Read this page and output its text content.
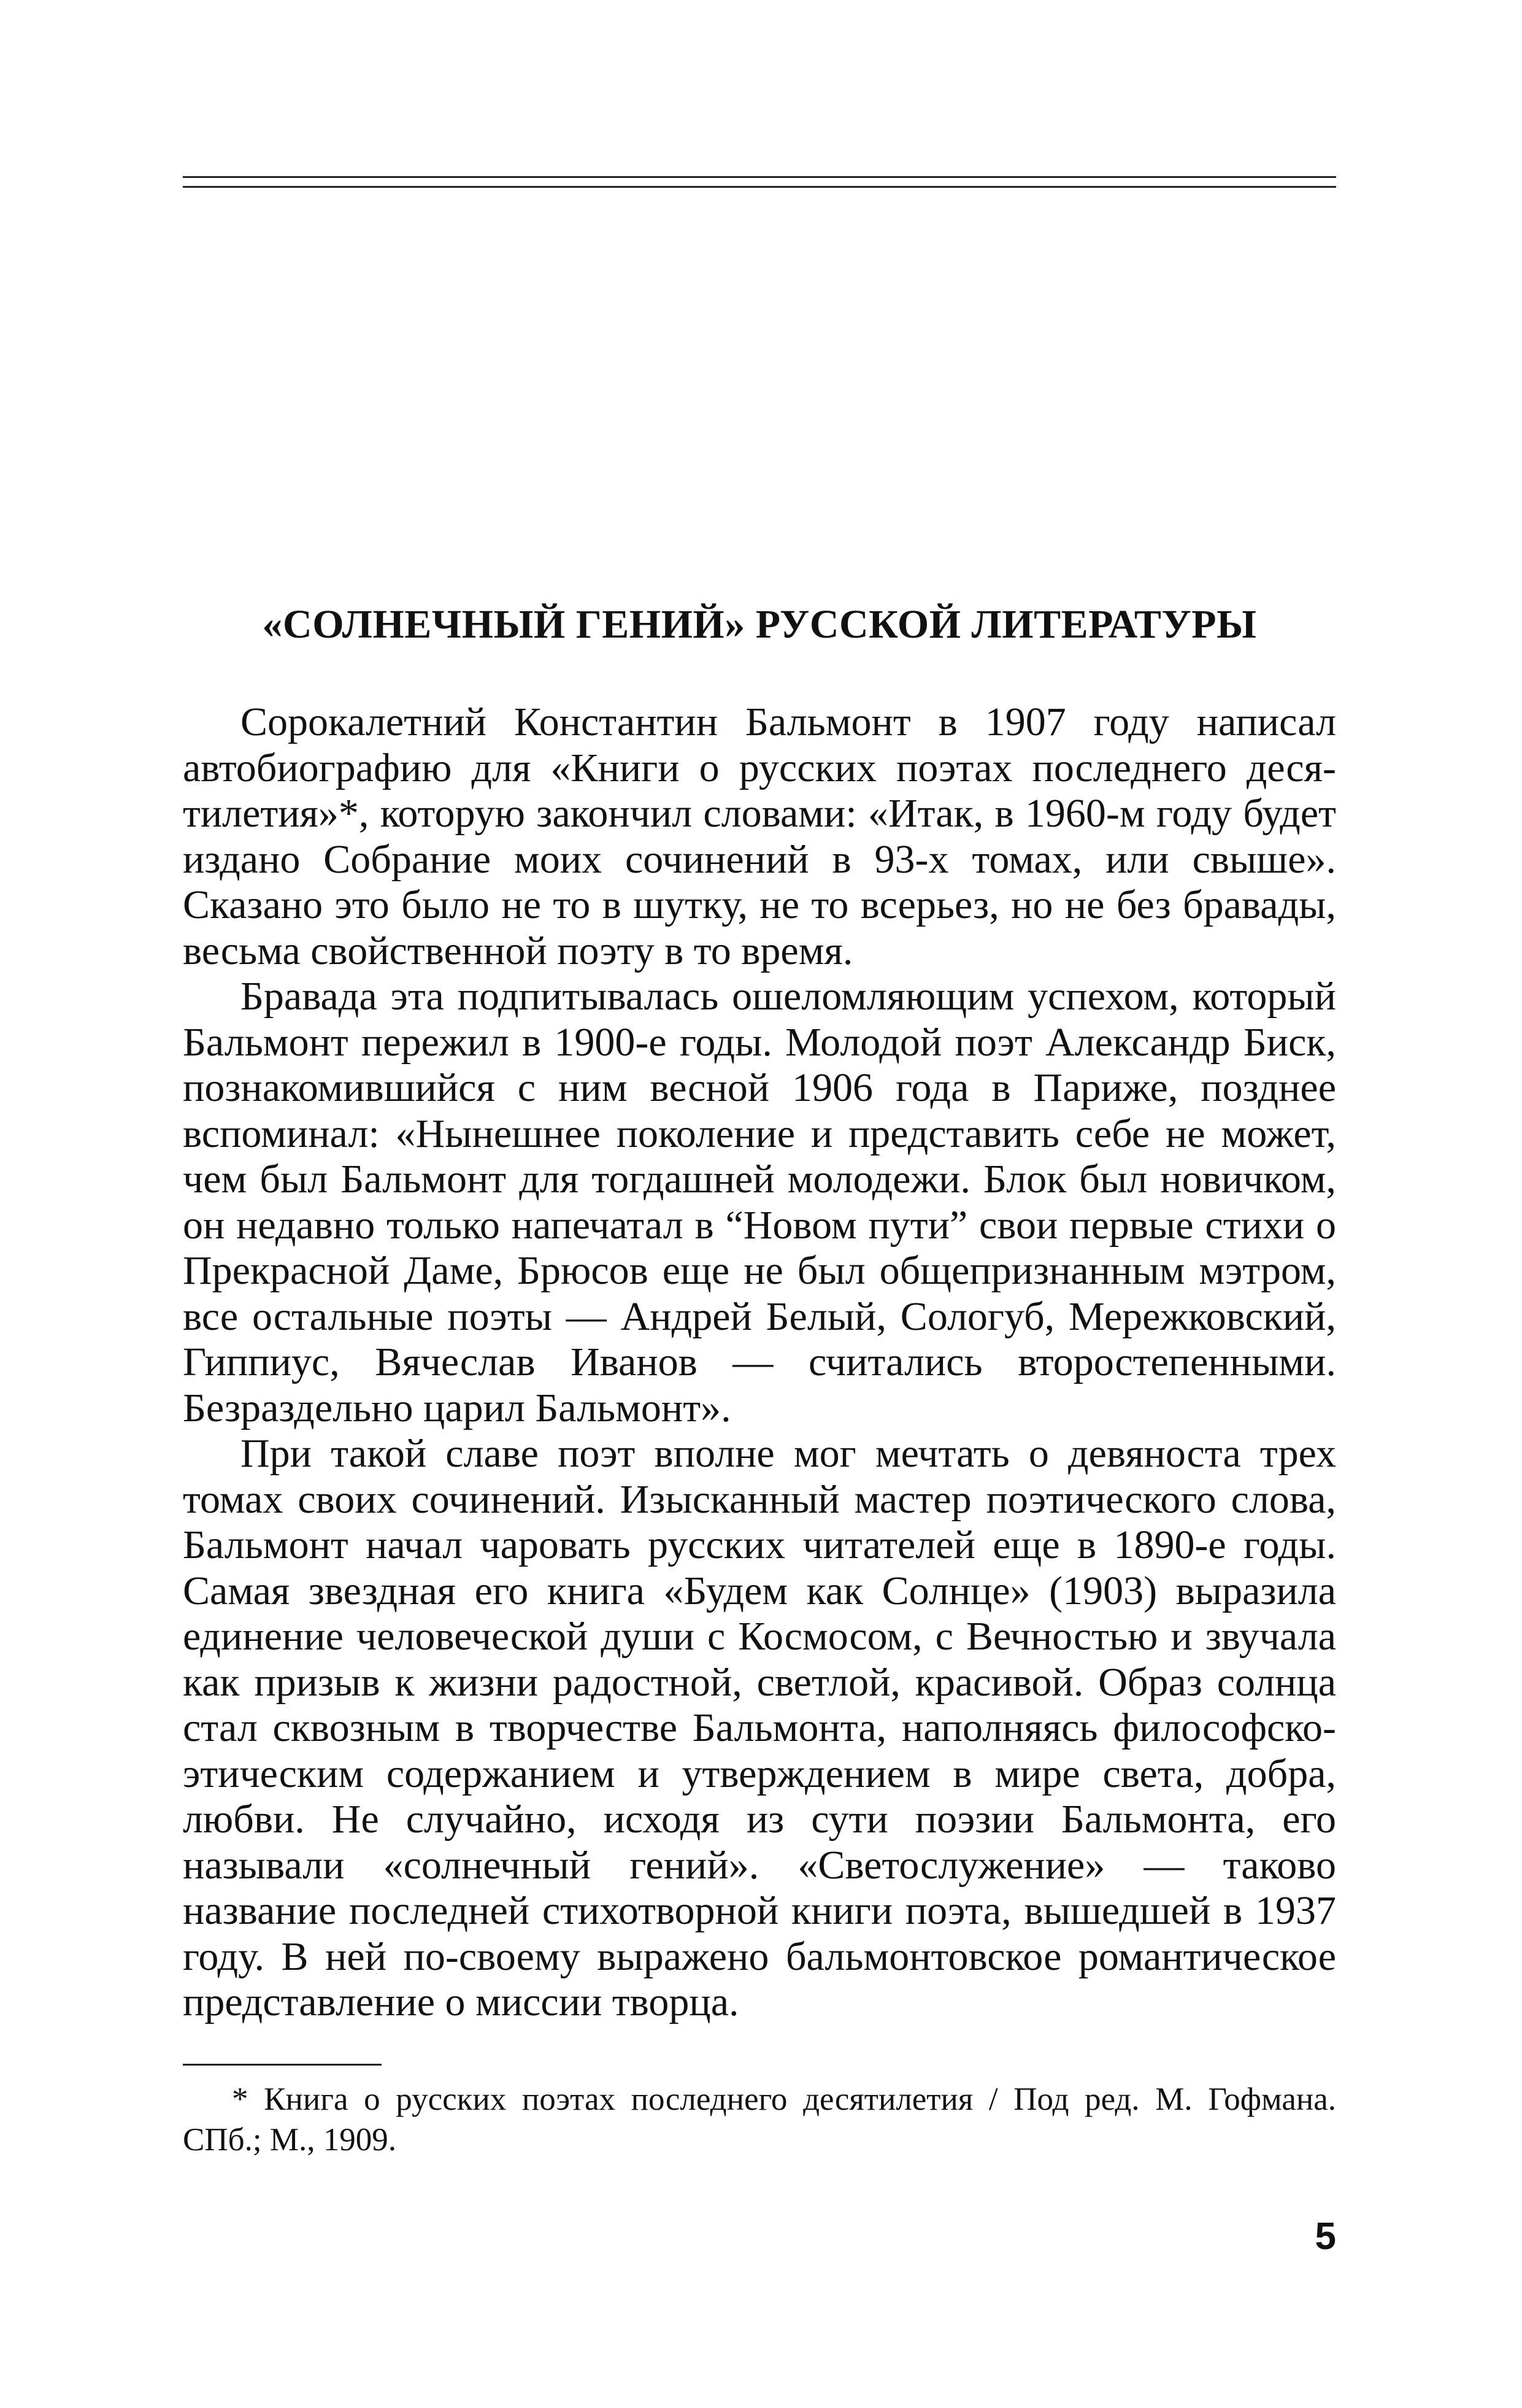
«СОЛНЕЧНЫЙ ГЕНИЙ» РУССКОЙ ЛИТЕРАТУРЫ

Сорокалетний Константин Бальмонт в 1907 году написал автобиографию для «Книги о русских поэтах последнего десятилетия»*, которую закончил словами: «Итак, в 1960-м году будет издано Собрание моих сочинений в 93-х томах, или свыше». Сказано это было не то в шутку, не то всерьез, но не без бравады, весьма свойственной поэту в то время.

Бравада эта подпитывалась ошеломляющим успехом, который Бальмонт пережил в 1900-е годы. Молодой поэт Александр Биск, познакомившийся с ним весной 1906 года в Париже, позднее вспоминал: «Нынешнее поколение и представить себе не может, чем был Бальмонт для тогдашней молодежи. Блок был новичком, он недавно только напечатал в “Новом пути” свои первые стихи о Прекрасной Даме, Брюсов еще не был общепризнанным мэтром, все остальные поэты — Андрей Белый, Сологуб, Мережковский, Гиппиус, Вячеслав Иванов — считались второстепенными. Безраздельно царил Бальмонт».

При такой славе поэт вполне мог мечтать о девяноста трех томах своих сочинений. Изысканный мастер поэтического слова, Бальмонт начал чаровать русских читателей еще в 1890-е годы. Самая звездная его книга «Будем как Солнце» (1903) выразила единение человеческой души с Космосом, с Вечностью и звучала как призыв к жизни радостной, светлой, красивой. Образ солнца стал сквозным в творчестве Бальмонта, наполняясь философско-этическим содержанием и утверждением в мире света, добра, любви. Не случайно, исходя из сути поэзии Бальмонта, его называли «солнечный гений». «Светослужение» — таково название последней стихотворной книги поэта, вышедшей в 1937 году. В ней по-своему выражено бальмонтовское романтическое представление о миссии творца.

* Книга о русских поэтах последнего десятилетия / Под ред. М. Гофмана. СПб.; М., 1909.

5
